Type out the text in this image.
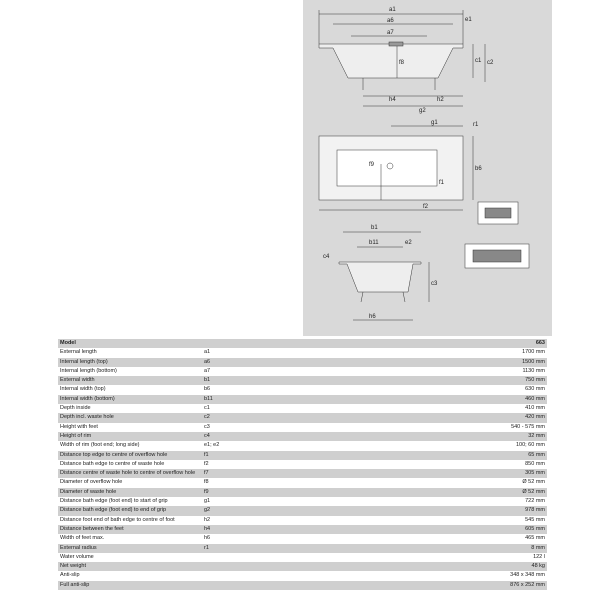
a1
a6	e1
a7
c1 c2
f8
h4	h2
g2
g1	r1
f9
f1
b6
f2
b1
b11	e2
c4
c3
h6
Model		663
External length	a1	1700 mm
Internal length (top)	a6	1500 mm
Internal length (bottom)	a7	1130 mm
External width	b1	750 mm
Internal width (top)	b6	630 mm
Internal width (bottom)	b11	460 mm
Depth inside	c1	410 mm
Depth incl. waste hole	c2	420 mm
Height with feet	c3	540 - 575 mm
Height of rim	c4	32 mm
Width of rim (foot end; long side)	e1; e2	100; 60 mm
Distance top edge to centre of overflow hole	f1	65 mm
Distance bath edge to centre of waste hole	f2	850 mm
Distance centre of waste hole to centre of overflow hole	f7	305 mm
Diameter of overflow hole	f8	Ø 52 mm
Diameter of waste hole	f9	Ø 52 mm
Distance bath edge (foot end) to start of grip	g1	722 mm
Distance bath edge (foot end) to end of grip	g2	978 mm
Distance foot end of bath edge to centre of foot	h2	545 mm
Distance between the feet	h4	605 mm
Width of feet max.	h6	465 mm
External radius	r1	8 mm
Water volume		122 l
Net weight		48 kg
Anti-slip		348 x 348 mm
Full anti-slip		876 x 252 mm
